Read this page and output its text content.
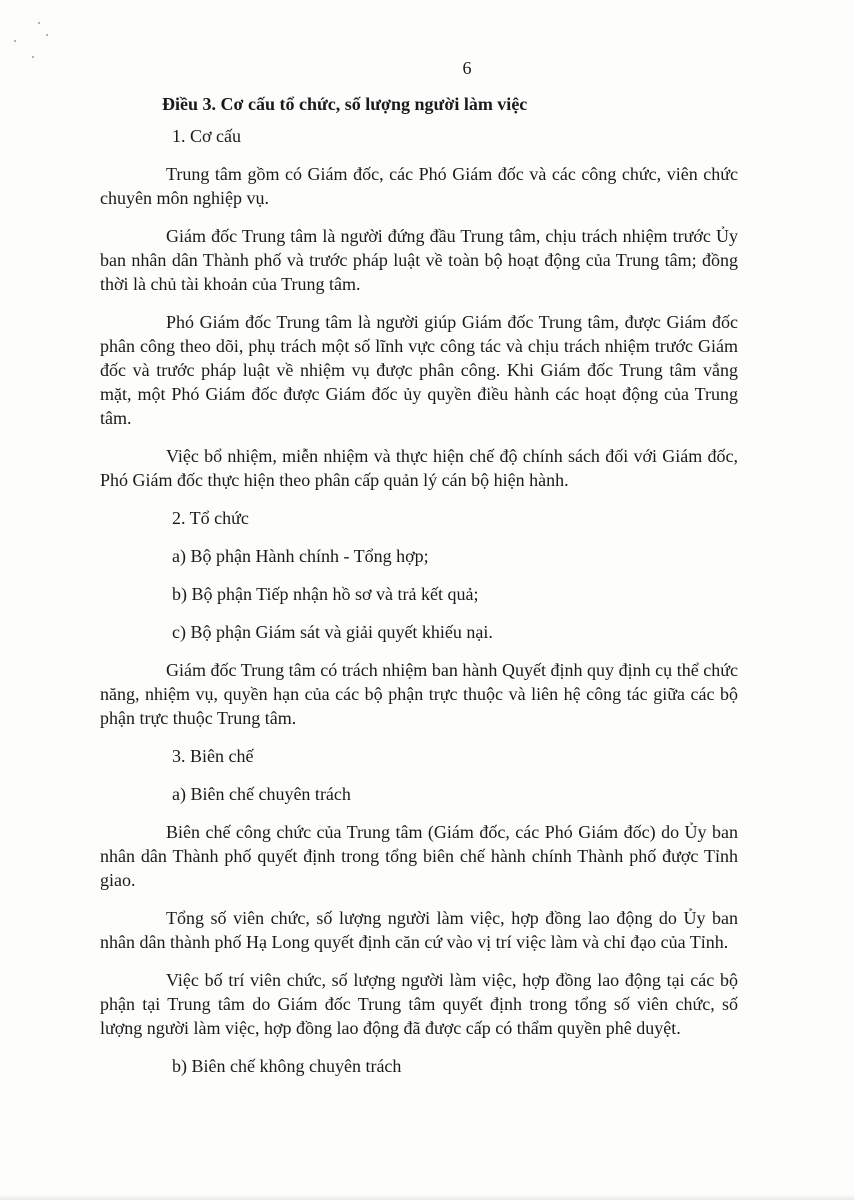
6
Điều 3. Cơ cấu tổ chức, số lượng người làm việc
1. Cơ cấu
Trung tâm gồm có Giám đốc, các Phó Giám đốc và các công chức, viên chức chuyên môn nghiệp vụ.
Giám đốc Trung tâm là người đứng đầu Trung tâm, chịu trách nhiệm trước Ủy ban nhân dân Thành phố và trước pháp luật về toàn bộ hoạt động của Trung tâm; đồng thời là chủ tài khoản của Trung tâm.
Phó Giám đốc Trung tâm là người giúp Giám đốc Trung tâm, được Giám đốc phân công theo dõi, phụ trách một số lĩnh vực công tác và chịu trách nhiệm trước Giám đốc và trước pháp luật về nhiệm vụ được phân công. Khi Giám đốc Trung tâm vắng mặt, một Phó Giám đốc được Giám đốc ủy quyền điều hành các hoạt động của Trung tâm.
Việc bổ nhiệm, miễn nhiệm và thực hiện chế độ chính sách đối với Giám đốc, Phó Giám đốc thực hiện theo phân cấp quản lý cán bộ hiện hành.
2. Tổ chức
a) Bộ phận Hành chính - Tổng hợp;
b) Bộ phận Tiếp nhận hồ sơ và trả kết quả;
c) Bộ phận Giám sát và giải quyết khiếu nại.
Giám đốc Trung tâm có trách nhiệm ban hành Quyết định quy định cụ thể chức năng, nhiệm vụ, quyền hạn của các bộ phận trực thuộc và liên hệ công tác giữa các bộ phận trực thuộc Trung tâm.
3. Biên chế
a) Biên chế chuyên trách
Biên chế công chức của Trung tâm (Giám đốc, các Phó Giám đốc) do Ủy ban nhân dân Thành phố quyết định trong tổng biên chế hành chính Thành phố được Tỉnh giao.
Tổng số viên chức, số lượng người làm việc, hợp đồng lao động do Ủy ban nhân dân thành phố Hạ Long quyết định căn cứ vào vị trí việc làm và chỉ đạo của Tỉnh.
Việc bố trí viên chức, số lượng người làm việc, hợp đồng lao động tại các bộ phận tại Trung tâm do Giám đốc Trung tâm quyết định trong tổng số viên chức, số lượng người làm việc, hợp đồng lao động đã được cấp có thẩm quyền phê duyệt.
b) Biên chế không chuyên trách
